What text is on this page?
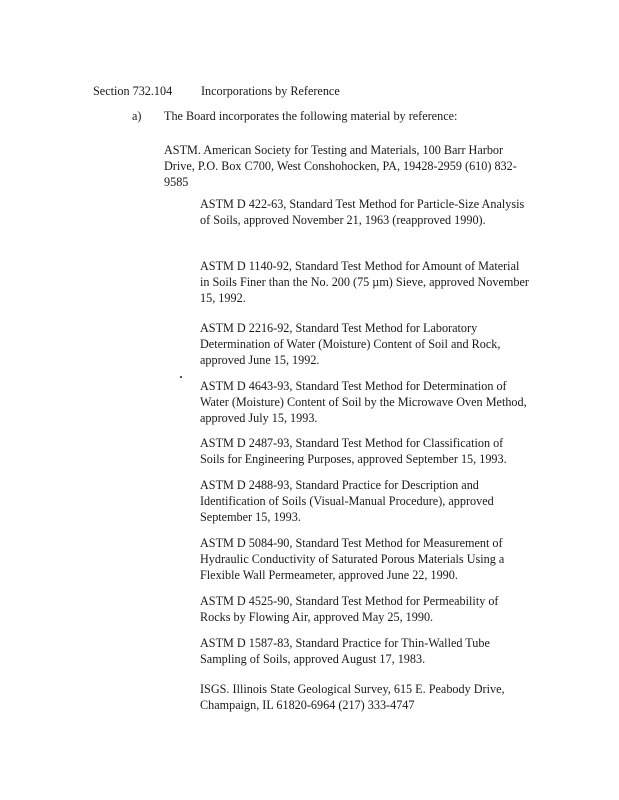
Section 732.104 Incorporations by Reference
a) The Board incorporates the following material by reference:

ASTM. American Society for Testing and Materials, 100 Barr Harbor Drive, P.O. Box C700, West Conshohocken, PA, 19428-2959 (610) 832-9585

ASTM D 422-63, Standard Test Method for Particle-Size Analysis of Soils, approved November 21, 1963 (reapproved 1990).

ASTM D 1140-92, Standard Test Method for Amount of Material in Soils Finer than the No. 200 (75 µm) Sieve, approved November 15, 1992.

ASTM D 2216-92, Standard Test Method for Laboratory Determination of Water (Moisture) Content of Soil and Rock, approved June 15, 1992.

ASTM D 4643-93, Standard Test Method for Determination of Water (Moisture) Content of Soil by the Microwave Oven Method, approved July 15, 1993.

ASTM D 2487-93, Standard Test Method for Classification of Soils for Engineering Purposes, approved September 15, 1993.

ASTM D 2488-93, Standard Practice for Description and Identification of Soils (Visual-Manual Procedure), approved September 15, 1993.

ASTM D 5084-90, Standard Test Method for Measurement of Hydraulic Conductivity of Saturated Porous Materials Using a Flexible Wall Permeameter, approved June 22, 1990.

ASTM D 4525-90, Standard Test Method for Permeability of Rocks by Flowing Air, approved May 25, 1990.

ASTM D 1587-83, Standard Practice for Thin-Walled Tube Sampling of Soils, approved August 17, 1983.

ISGS. Illinois State Geological Survey, 615 E. Peabody Drive, Champaign, IL 61820-6964 (217) 333-4747
